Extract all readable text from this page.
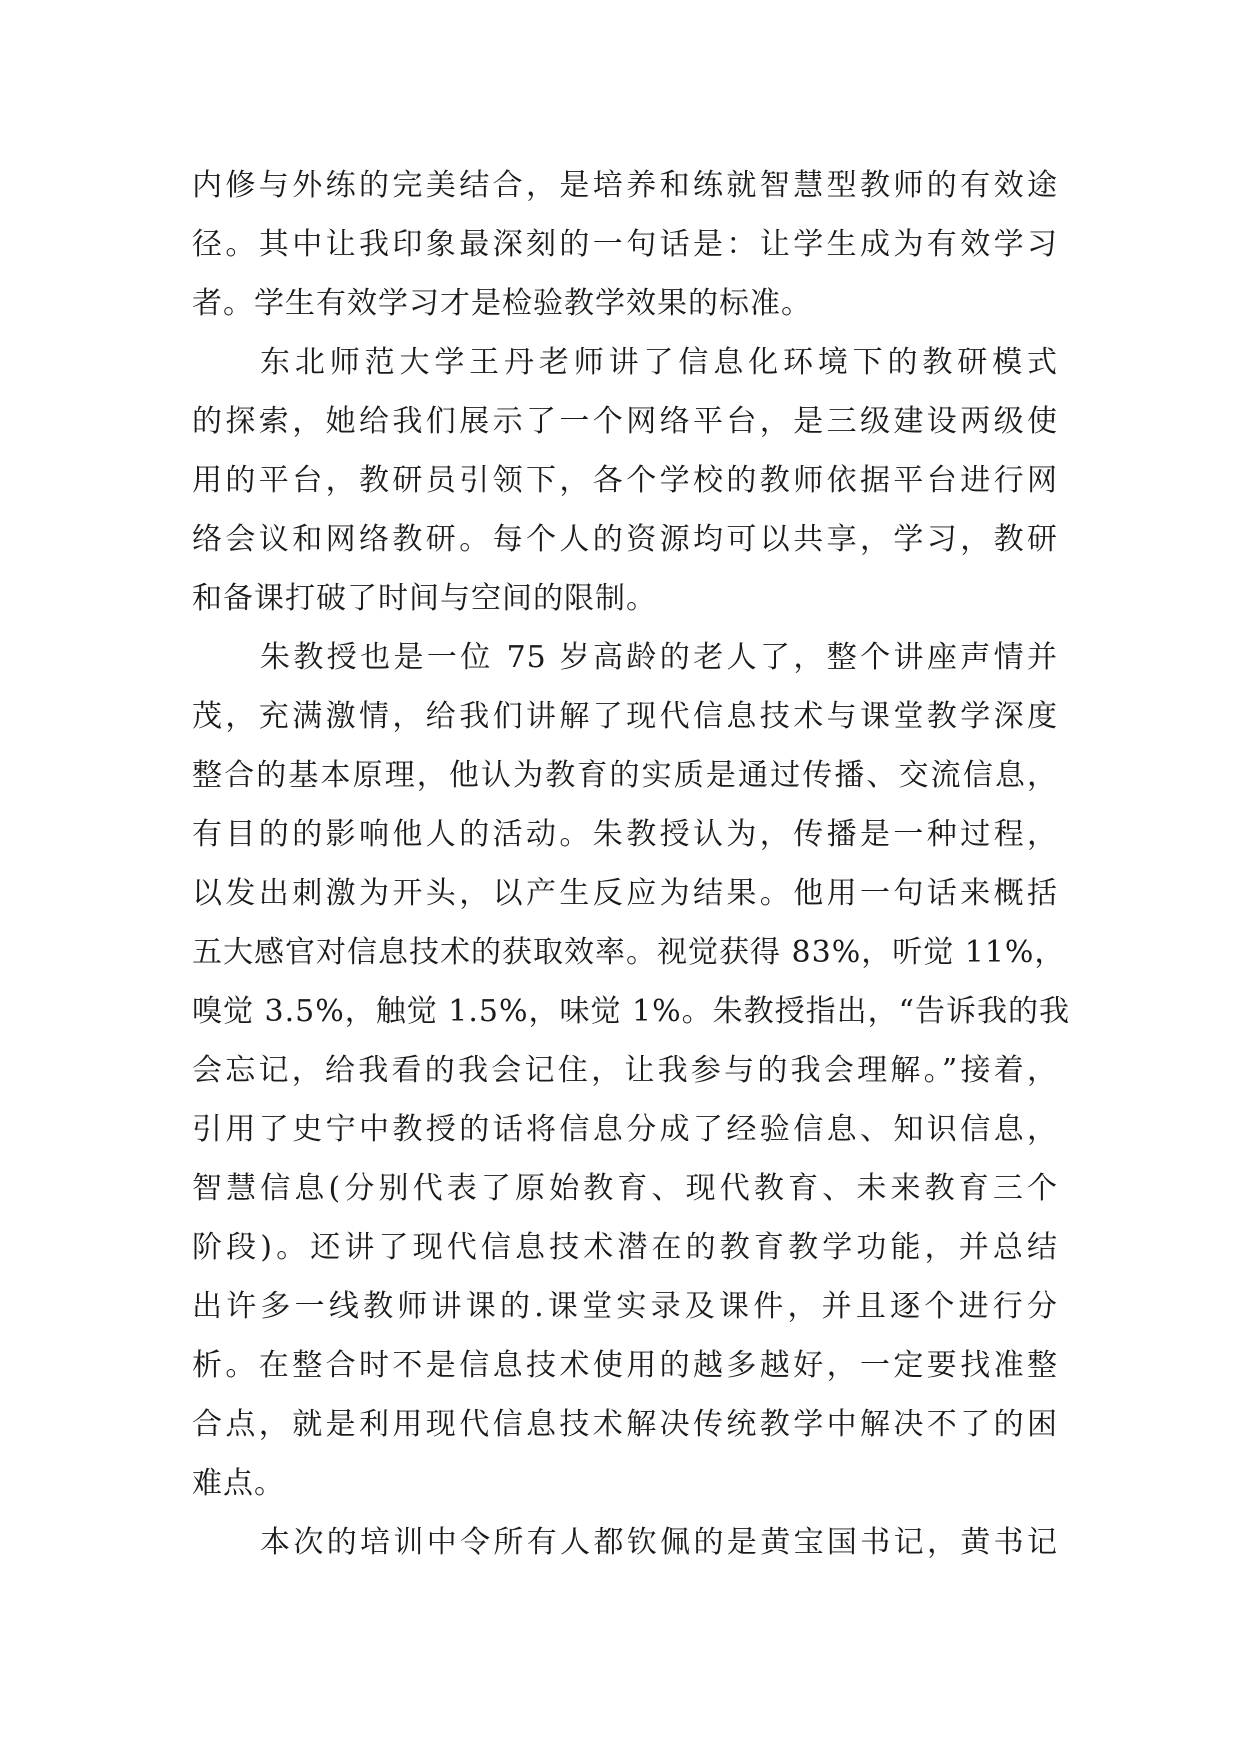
内修与外练的完美结合，是培养和练就智慧型教师的有效途
径。其中让我印象最深刻的一句话是：让学生成为有效学习
者。学生有效学习才是检验教学效果的标准。
东北师范大学王丹老师讲了信息化环境下的教研模式
的探索，她给我们展示了一个网络平台，是三级建设两级使
用的平台，教研员引领下，各个学校的教师依据平台进行网
络会议和网络教研。每个人的资源均可以共享，学习，教研
和备课打破了时间与空间的限制。
朱教授也是一位 75 岁高龄的老人了，整个讲座声情并
茂，充满激情，给我们讲解了现代信息技术与课堂教学深度
整合的基本原理，他认为教育的实质是通过传播、交流信息，
有目的的影响他人的活动。朱教授认为，传播是一种过程，
以发出刺激为开头，以产生反应为结果。他用一句话来概括
五大感官对信息技术的获取效率。视觉获得 83%，听觉 11%，
嗅觉 3.5%，触觉 1.5%，味觉 1%。朱教授指出，“告诉我的我
会忘记，给我看的我会记住，让我参与的我会理解。”接着，
引用了史宁中教授的话将信息分成了经验信息、知识信息，
智慧信息(分别代表了原始教育、现代教育、未来教育三个
阶段)。还讲了现代信息技术潜在的教育教学功能，并总结
出许多一线教师讲课的.课堂实录及课件，并且逐个进行分
析。在整合时不是信息技术使用的越多越好，一定要找准整
合点，就是利用现代信息技术解决传统教学中解决不了的困
难点。
本次的培训中令所有人都钦佩的是黄宝国书记，黄书记
